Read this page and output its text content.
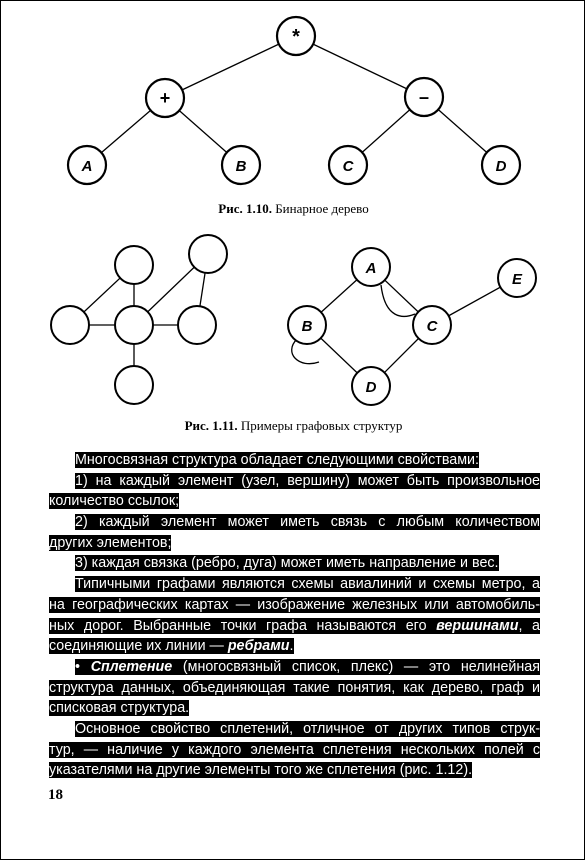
*
+	–
A	B	C	D
Рис. 1.10. Бинарное дерево
A
B	C
D
E
Рис. 1.11. Примеры графовых структур
Многосвязная структура обладает следующими свойствами:
1) на каждый элемент (узел, вершину) может быть произвольное
количество ссылок;
2) каждый элемент может иметь связь с любым количеством
других элементов;
3) каждая связка (ребро, дуга) может иметь направление и вес.
Типичными графами являются схемы авиалиний и схемы метро, а
на географических картах — изображение железных или автомобиль-
ных дорог. Выбранные точки графа называются его вершинами, а
соединяющие их линии — ребрами.
• Сплетение (многосвязный список, плекс) — это нелинейная
структура данных, объединяющая такие понятия, как дерево, граф и
списковая структура.
Основное свойство сплетений, отличное от других типов струк-
тур, — наличие у каждого элемента сплетения нескольких полей с
указателями на другие элементы того же сплетения (рис. 1.12).
18
